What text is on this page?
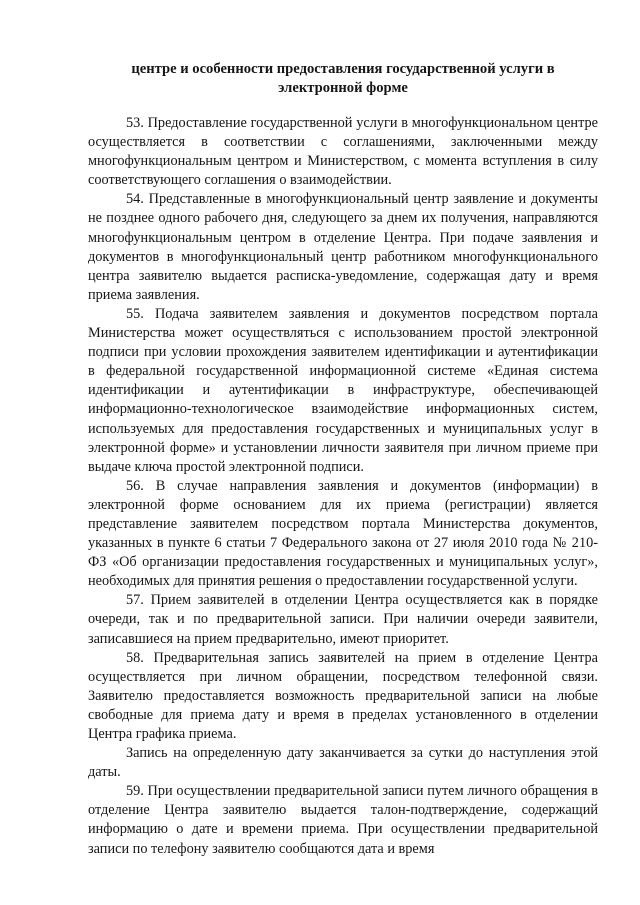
центре и особенности предоставления государственной услуги в
электронной форме

53. Предоставление государственной услуги в многофункциональном центре осуществляется в соответствии с соглашениями, заключенными между многофункциональным центром и Министерством, с момента вступления в силу соответствующего соглашения о взаимодействии.

54. Представленные в многофункциональный центр заявление и документы не позднее одного рабочего дня, следующего за днем их получения, направляются многофункциональным центром в отделение Центра. При подаче заявления и документов в многофункциональный центр работником многофункционального центра заявителю выдается расписка-уведомление, содержащая дату и время приема заявления.

55. Подача заявителем заявления и документов посредством портала Министерства может осуществляться с использованием простой электронной подписи при условии прохождения заявителем идентификации и аутентификации в федеральной государственной информационной системе «Единая система идентификации и аутентификации в инфраструктуре, обеспечивающей информационно-технологическое взаимодействие информационных систем, используемых для предоставления государственных и муниципальных услуг в электронной форме» и установлении личности заявителя при личном приеме при выдаче ключа простой электронной подписи.

56. В случае направления заявления и документов (информации) в электронной форме основанием для их приема (регистрации) является представление заявителем посредством портала Министерства документов, указанных в пункте 6 статьи 7 Федерального закона от 27 июля 2010 года № 210-ФЗ «Об организации предоставления государственных и муниципальных услуг», необходимых для принятия решения о предоставлении государственной услуги.

57. Прием заявителей в отделении Центра осуществляется как в порядке очереди, так и по предварительной записи. При наличии очереди заявители, записавшиеся на прием предварительно, имеют приоритет.

58. Предварительная запись заявителей на прием в отделение Центра осуществляется при личном обращении, посредством телефонной связи. Заявителю предоставляется возможность предварительной записи на любые свободные для приема дату и время в пределах установленного в отделении Центра графика приема.

Запись на определенную дату заканчивается за сутки до наступления этой даты.

59. При осуществлении предварительной записи путем личного обращения в отделение Центра заявителю выдается талон-подтверждение, содержащий информацию о дате и времени приема. При осуществлении предварительной записи по телефону заявителю сообщаются дата и время
